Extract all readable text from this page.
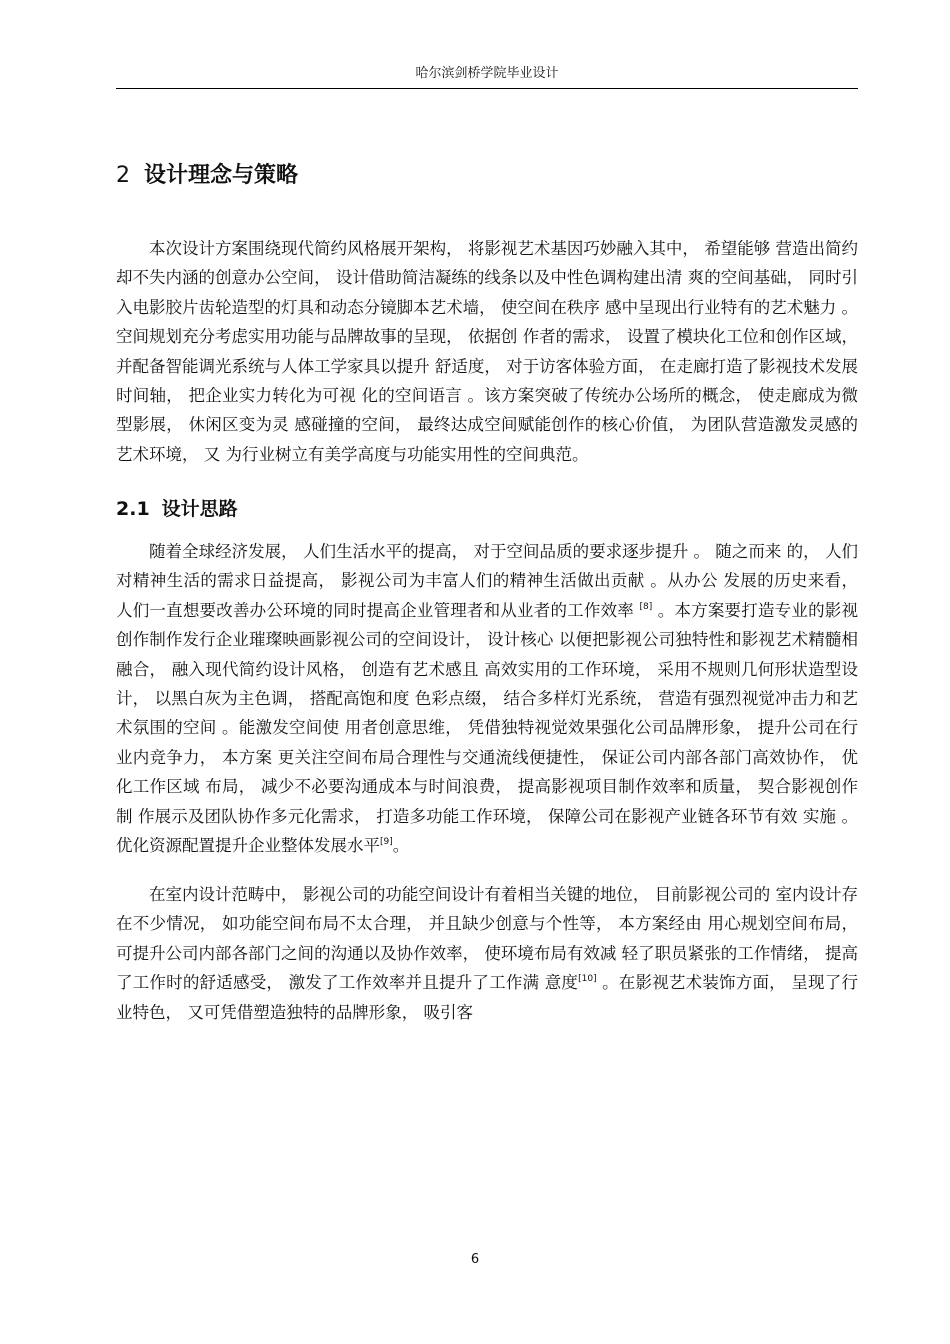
哈尔滨剑桥学院毕业设计
2 设计理念与策略

本次设计方案围绕现代简约风格展开架构， 将影视艺术基因巧妙融入其中， 希望能够 营造出简约却不失内涵的创意办公空间， 设计借助简洁凝练的线条以及中性色调构建出清 爽的空间基础， 同时引入电影胶片齿轮造型的灯具和动态分镜脚本艺术墙， 使空间在秩序 感中呈现出行业特有的艺术魅力 。空间规划充分考虑实用功能与品牌故事的呈现， 依据创 作者的需求， 设置了模块化工位和创作区域， 并配备智能调光系统与人体工学家具以提升 舒适度， 对于访客体验方面， 在走廊打造了影视技术发展时间轴， 把企业实力转化为可视 化的空间语言 。该方案突破了传统办公场所的概念， 使走廊成为微型影展， 休闲区变为灵 感碰撞的空间， 最终达成空间赋能创作的核心价值， 为团队营造激发灵感的艺术环境， 又 为行业树立有美学高度与功能实用性的空间典范。

2.1 设计思路

随着全球经济发展， 人们生活水平的提高， 对于空间品质的要求逐步提升 。 随之而来 的， 人们对精神生活的需求日益提高， 影视公司为丰富人们的精神生活做出贡献 。从办公 发展的历史来看， 人们一直想要改善办公环境的同时提高企业管理者和从业者的工作效率 [8] 。本方案要打造专业的影视创作制作发行企业璀璨映画影视公司的空间设计， 设计核心 以便把影视公司独特性和影视艺术精髓相融合， 融入现代简约设计风格， 创造有艺术感且 高效实用的工作环境， 采用不规则几何形状造型设计， 以黑白灰为主色调， 搭配高饱和度 色彩点缀， 结合多样灯光系统， 营造有强烈视觉冲击力和艺术氛围的空间 。能激发空间使 用者创意思维， 凭借独特视觉效果强化公司品牌形象， 提升公司在行业内竞争力， 本方案 更关注空间布局合理性与交通流线便捷性， 保证公司内部各部门高效协作， 优化工作区域 布局， 减少不必要沟通成本与时间浪费， 提高影视项目制作效率和质量， 契合影视创作制 作展示及团队协作多元化需求， 打造多功能工作环境， 保障公司在影视产业链各环节有效 实施 。优化资源配置提升企业整体发展水平[9]。

在室内设计范畴中， 影视公司的功能空间设计有着相当关键的地位， 目前影视公司的 室内设计存在不少情况， 如功能空间布局不太合理， 并且缺少创意与个性等， 本方案经由 用心规划空间布局， 可提升公司内部各部门之间的沟通以及协作效率， 使环境布局有效减 轻了职员紧张的工作情绪， 提高了工作时的舒适感受， 激发了工作效率并且提升了工作满 意度[10] 。在影视艺术装饰方面， 呈现了行业特色， 又可凭借塑造独特的品牌形象， 吸引客

6
